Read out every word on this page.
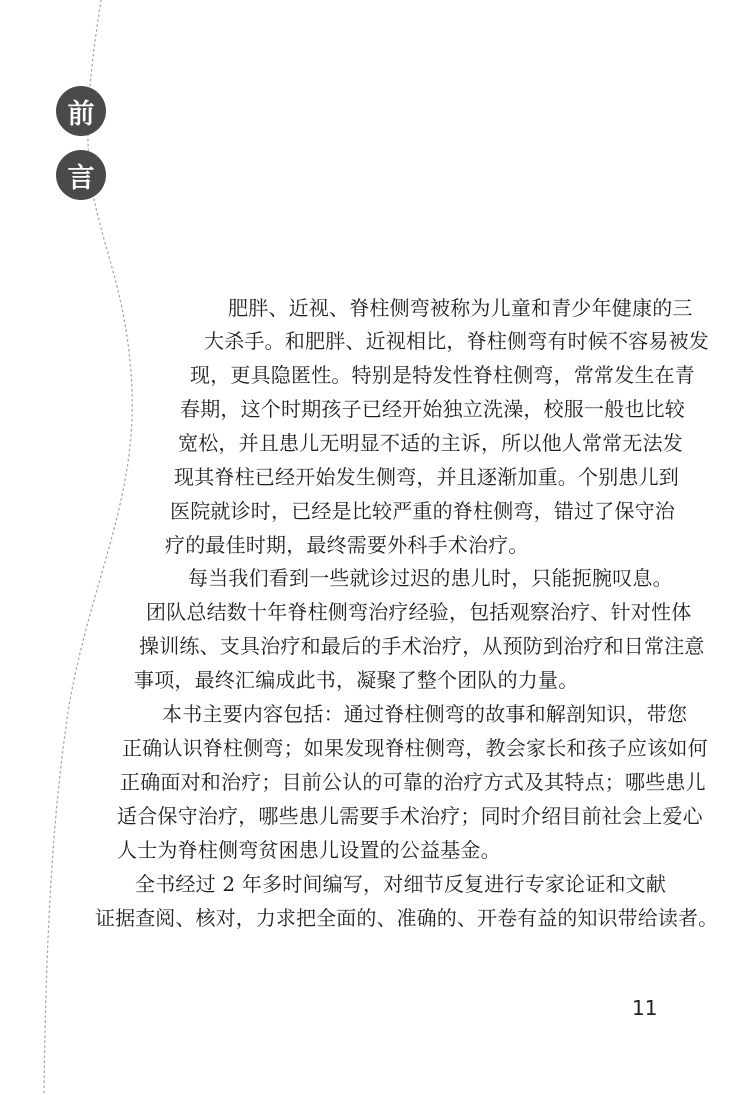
前
言
肥胖、近视、脊柱侧弯被称为儿童和青少年健康的三
大杀手。和肥胖、近视相比，脊柱侧弯有时候不容易被发
现，更具隐匿性。特别是特发性脊柱侧弯，常常发生在青
春期，这个时期孩子已经开始独立洗澡，校服一般也比较
宽松，并且患儿无明显不适的主诉，所以他人常常无法发
现其脊柱已经开始发生侧弯，并且逐渐加重。个别患儿到
医院就诊时，已经是比较严重的脊柱侧弯，错过了保守治
疗的最佳时期，最终需要外科手术治疗。
每当我们看到一些就诊过迟的患儿时，只能扼腕叹息。
团队总结数十年脊柱侧弯治疗经验，包括观察治疗、针对性体
操训练、支具治疗和最后的手术治疗，从预防到治疗和日常注意
事项，最终汇编成此书，凝聚了整个团队的力量。
本书主要内容包括：通过脊柱侧弯的故事和解剖知识，带您
正确认识脊柱侧弯；如果发现脊柱侧弯，教会家长和孩子应该如何
正确面对和治疗；目前公认的可靠的治疗方式及其特点；哪些患儿
适合保守治疗，哪些患儿需要手术治疗；同时介绍目前社会上爱心
人士为脊柱侧弯贫困患儿设置的公益基金。
全书经过 2 年多时间编写，对细节反复进行专家论证和文献
证据查阅、核对，力求把全面的、准确的、开卷有益的知识带给读者。
11
